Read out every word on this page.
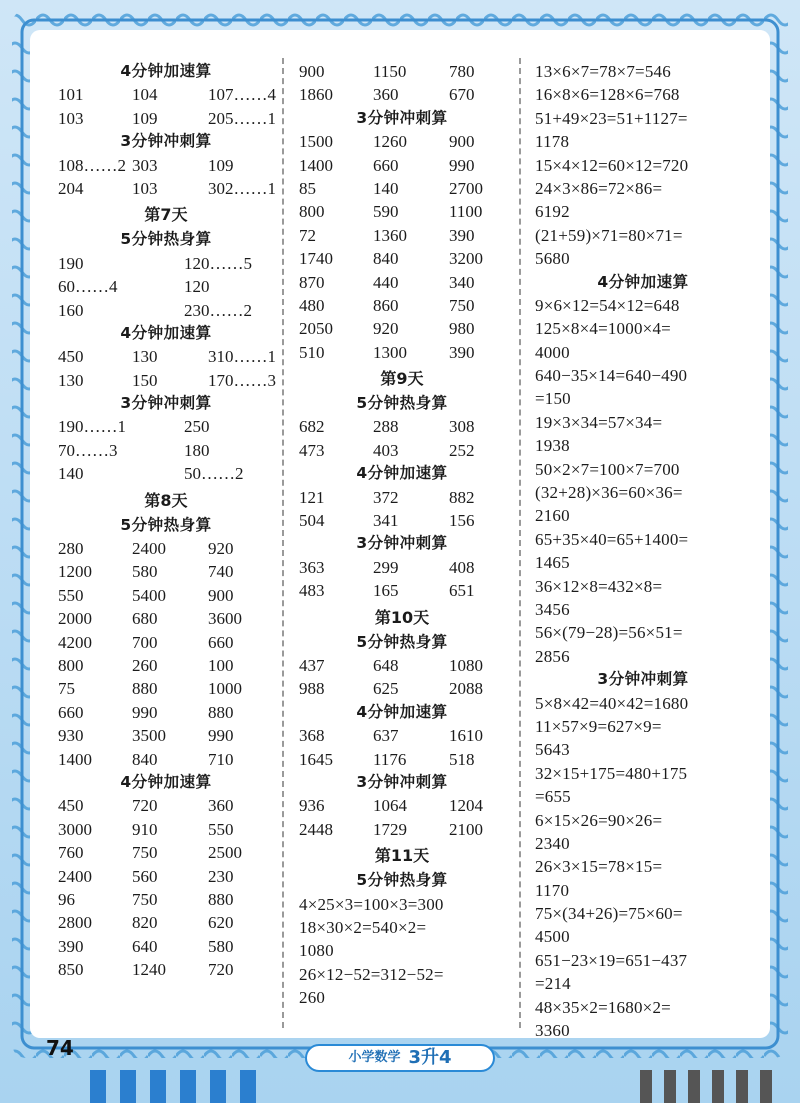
4分钟加速算
101	104	107……4
103	109	205……1
3分钟冲刺算
108……2 303	109
204	103	302……1
第7天
5分钟热身算
190	120……5
60……4	120
160	230……2
4分钟加速算
450	130	310……1
130	150	170……3
3分钟冲刺算
190……1	250
70……3	180
140	50……2
第8天
5分钟热身算
280	2400 920
1200 580	740
550	5400 900
2000 680	3600
4200 700	660
800	260	100
75	880	1000
660	990	880
930	3500 990
1400 840	710
4分钟加速算
450	720	360
3000 910	550
760	750	2500
2400 560	230
96	750	880
2800 820	620
390	640	580
850	1240 720
900	1150	780
1860 360	670
3分钟冲刺算
1500 1260 900
1400 660	990
85	140	2700
800	590	1100
72	1360 390
1740 840	3200
870	440	340
480	860	750
2050 920	980
510	1300 390
第9天
5分钟热身算
682	288	308
473	403	252
4分钟加速算
121	372	882
504	341	156
3分钟冲刺算
363	299	408
483	165	651
第10天
5分钟热身算
437	648	1080
988	625	2088
4分钟加速算
368	637	1610
1645 1176	518
3分钟冲刺算
936	1064 1204
2448 1729 2100
第11天
5分钟热身算
4×25×3=100×3=300
18×30×2=540×2=
1080
26×12−52=312−52=
260
13×6×7=78×7=546
16×8×6=128×6=768
51+49×23=51+1127=
1178
15×4×12=60×12=720
24×3×86=72×86=
6192
(21+59)×71=80×71=
5680
4分钟加速算
9×6×12=54×12=648
125×8×4=1000×4=
4000
640−35×14=640−490
=150
19×3×34=57×34=
1938
50×2×7=100×7=700
(32+28)×36=60×36=
2160
65+35×40=65+1400=
1465
36×12×8=432×8=
3456
56×(79−28)=56×51=
2856
3分钟冲刺算
5×8×42=40×42=1680
11×57×9=627×9=
5643
32×15+175=480+175
=655
6×15×26=90×26=
2340
26×3×15=78×15=
1170
75×(34+26)=75×60=
4500
651−23×19=651−437
=214
48×35×2=1680×2=
3360
74	小学数学 3升4
